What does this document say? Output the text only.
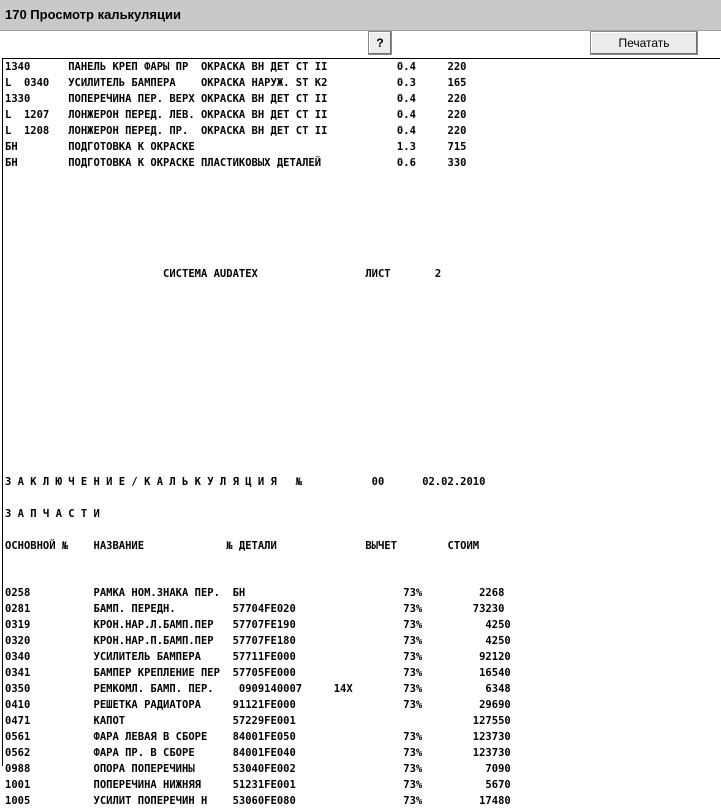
170 Просмотр калькуляции
?	Печатать
1340      ПАНЕЛЬ КРЕП ФАРЫ ПР  ОКРАСКА ВН ДЕТ СТ II           0.4     220
L  0340   УСИЛИТЕЛЬ БАМПЕРА    ОКРАСКА НАРУЖ. ST K2           0.3     165
1330      ПОПЕРЕЧИНА ПЕР. ВЕРХ ОКРАСКА ВН ДЕТ СТ II           0.4     220
L  1207   ЛОНЖЕРОН ПЕРЕД. ЛЕВ. ОКРАСКА ВН ДЕТ СТ II           0.4     220
L  1208   ЛОНЖЕРОН ПЕРЕД. ПР.  ОКРАСКА ВН ДЕТ СТ II           0.4     220
БН        ПОДГОТОВКА К ОКРАСКЕ                                1.3     715
БН        ПОДГОТОВКА К ОКРАСКЕ ПЛАСТИКОВЫХ ДЕТАЛЕЙ            0.6     330
СИСТЕМА AUDATEX                 ЛИСТ       2
З А К Л Ю Ч Е Н И Е / К А Л Ь К У Л Я Ц И Я   №           00      02.02.2010
З А П Ч А С Т И
ОСНОВНОЙ №    НАЗВАНИЕ             № ДЕТАЛИ              ВЫЧЕТ        СТОИМ
0258          РАМКА НОМ.ЗНАКА ПЕР.  БН                         73%         2268
0281          БАМП. ПЕРЕДН.         57704FE020                 73%        73230
0319          КРОН.НАР.Л.БАМП.ПЕР   57707FE190                 73%          4250
0320          КРОН.НАР.П.БАМП.ПЕР   57707FE180                 73%          4250
0340          УСИЛИТЕЛЬ БАМПЕРА     57711FE000                 73%         92120
0341          БАМПЕР КРЕПЛЕНИЕ ПЕР  57705FE000                 73%         16540
0350          РЕМКОМЛ. БАМП. ПЕР.    0909140007     14X        73%          6348
0410          РЕШЕТКА РАДИАТОРА     91121FE000                 73%         29690
0471          КАПОТ                 57229FE001                            127550
0561          ФАРА ЛЕВАЯ В СБОРЕ    84001FE050                 73%        123730
0562          ФАРА ПР. В СБОРЕ      84001FE040                 73%        123730
0988          ОПОРА ПОПЕРЕЧИНЫ      53040FE002                 73%          7090
1001          ПОПЕРЕЧИНА НИЖНЯЯ     51231FE001                 73%          5670
1005          УСИЛИТ ПОПЕРЕЧИН Н    53060FE080                 73%         17480
